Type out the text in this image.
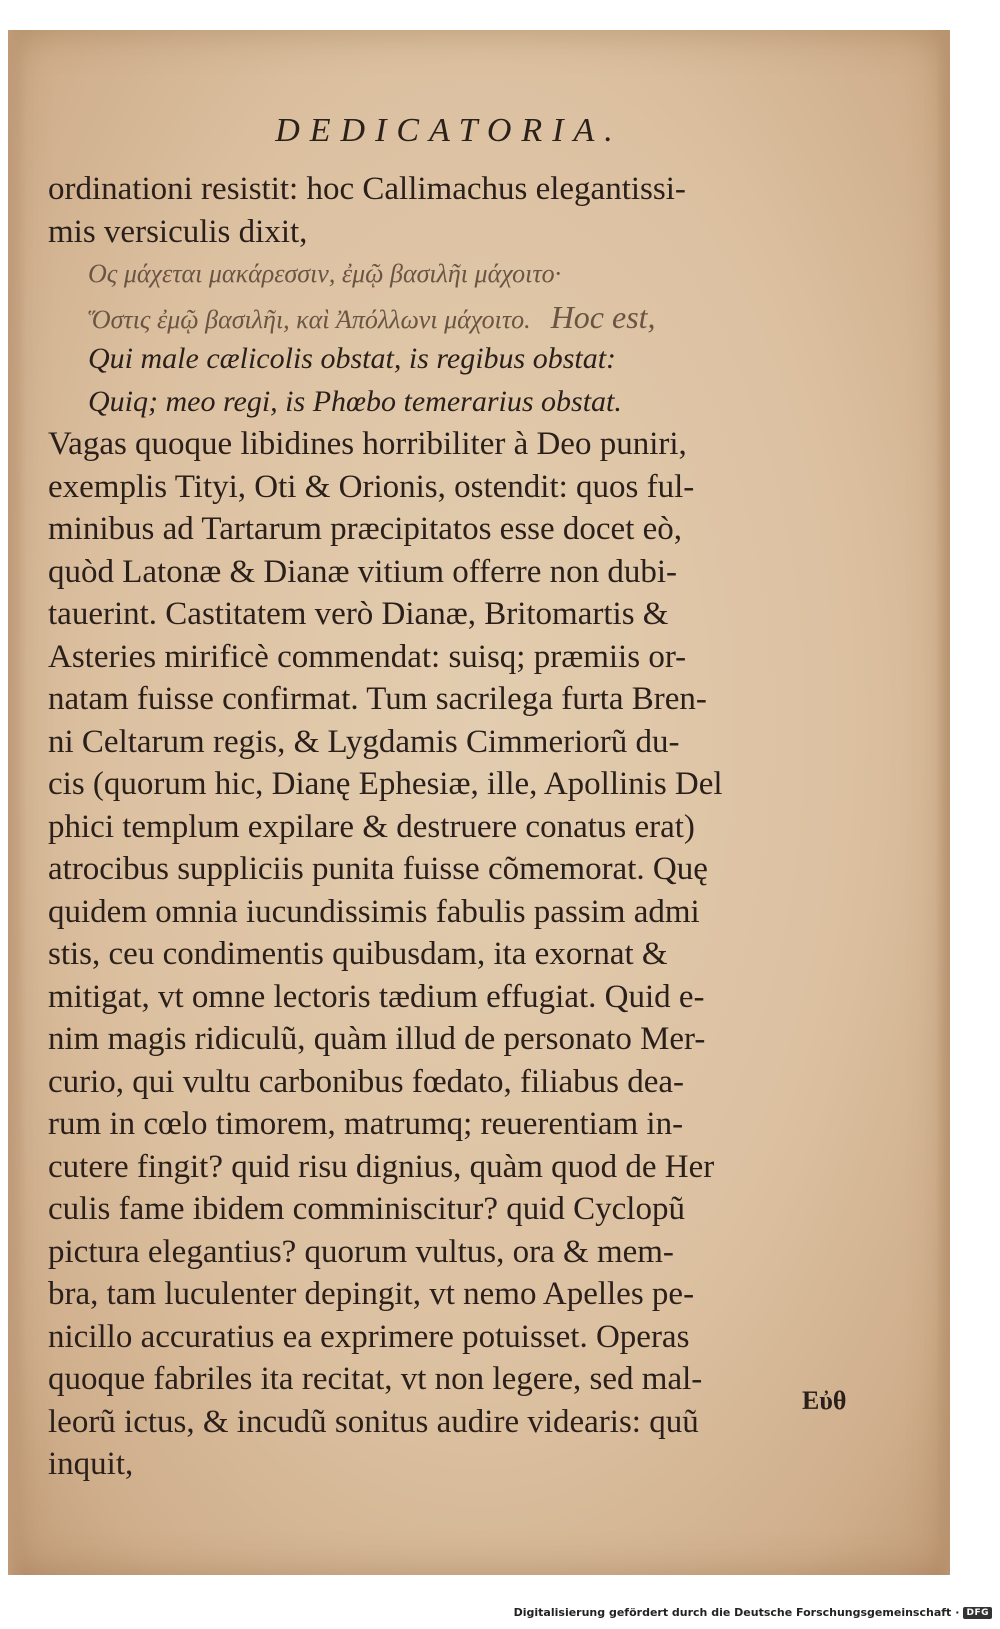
DEDICATORIA.
ordinationi resistit: hoc Callimachus elegantissi-
mis versiculis dixit,
Ος μάχεται μακάρεσσιν, ἐμῷ βασιλῆι μάχοιτο·
Ὅστις ἐμῷ βασιλῆι, καὶ Ἀπόλλωνι μάχοιτο. Hoc est,
Qui male cælicolis obstat, is regibus obstat:
Quiq; meo regi, is Phœbo temerarius obstat.
Vagas quoque libidines horribiliter à Deo puniri,
exemplis Tityi, Oti & Orionis, ostendit: quos ful-
minibus ad Tartarum præcipitatos esse docet eò,
quòd Latonæ & Dianæ vitium offerre non dubi-
tauerint. Castitatem verò Dianæ, Britomartis &
Asteries mirificè commendat: suisq; præmiis or-
natam fuisse confirmat. Tum sacrilega furta Bren-
ni Celtarum regis, & Lygdamis Cimmeriorũ du-
cis (quorum hic, Dianę Ephesiæ, ille, Apollinis Del
phici templum expilare & destruere conatus erat)
atrocibus suppliciis punita fuisse cõmemorat. Quę
quidem omnia iucundissimis fabulis passim admi
stis, ceu condimentis quibusdam, ita exornat &
mitigat, vt omne lectoris tædium effugiat. Quid e-
nim magis ridiculũ, quàm illud de personato Mer-
curio, qui vultu carbonibus fœdato, filiabus dea-
rum in cœlo timorem, matrumq; reuerentiam in-
cutere fingit? quid risu dignius, quàm quod de Her
culis fame ibidem comminiscitur? quid Cyclopũ
pictura elegantius? quorum vultus, ora & mem-
bra, tam luculenter depingit, vt nemo Apelles pe-
nicillo accuratius ea exprimere potuisset. Operas
quoque fabriles ita recitat, vt non legere, sed mal-
leorũ ictus, & incudũ sonitus audire videaris: quũ
inquit,
Εὐθ
Digitalisierung gefördert durch die Deutsche Forschungsgemeinschaft · DFG
